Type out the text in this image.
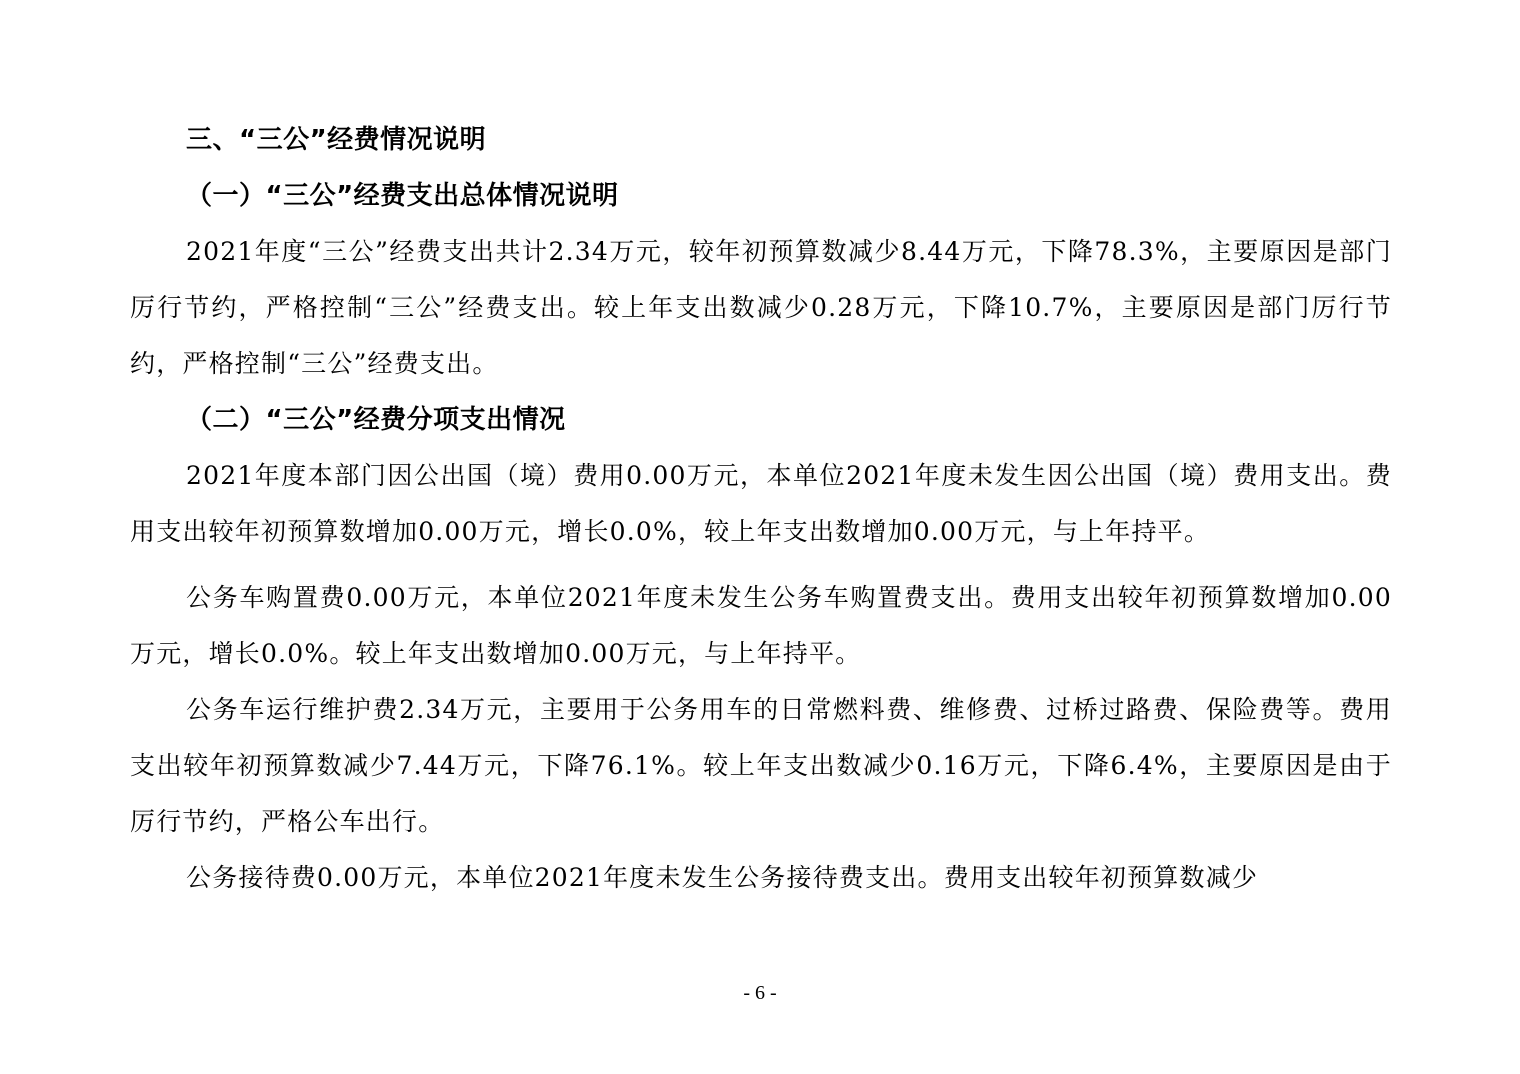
三、“三公”经费情况说明

（一）“三公”经费支出总体情况说明

2021年度“三公”经费支出共计2.34万元，较年初预算数减少8.44万元，下降78.3%，主要原因是部门厉行节约，严格控制“三公”经费支出。较上年支出数减少0.28万元，下降10.7%，主要原因是部门厉行节约，严格控制“三公”经费支出。

（二）“三公”经费分项支出情况

2021年度本部门因公出国（境）费用0.00万元，本单位2021年度未发生因公出国（境）费用支出。费用支出较年初预算数增加0.00万元，增长0.0%，较上年支出数增加0.00万元，与上年持平。

公务车购置费0.00万元，本单位2021年度未发生公务车购置费支出。费用支出较年初预算数增加0.00万元，增长0.0%。较上年支出数增加0.00万元，与上年持平。

公务车运行维护费2.34万元，主要用于公务用车的日常燃料费、维修费、过桥过路费、保险费等。费用支出较年初预算数减少7.44万元，下降76.1%。较上年支出数减少0.16万元，下降6.4%，主要原因是由于厉行节约，严格公车出行。

公务接待费0.00万元，本单位2021年度未发生公务接待费支出。费用支出较年初预算数减少

- 6 -
